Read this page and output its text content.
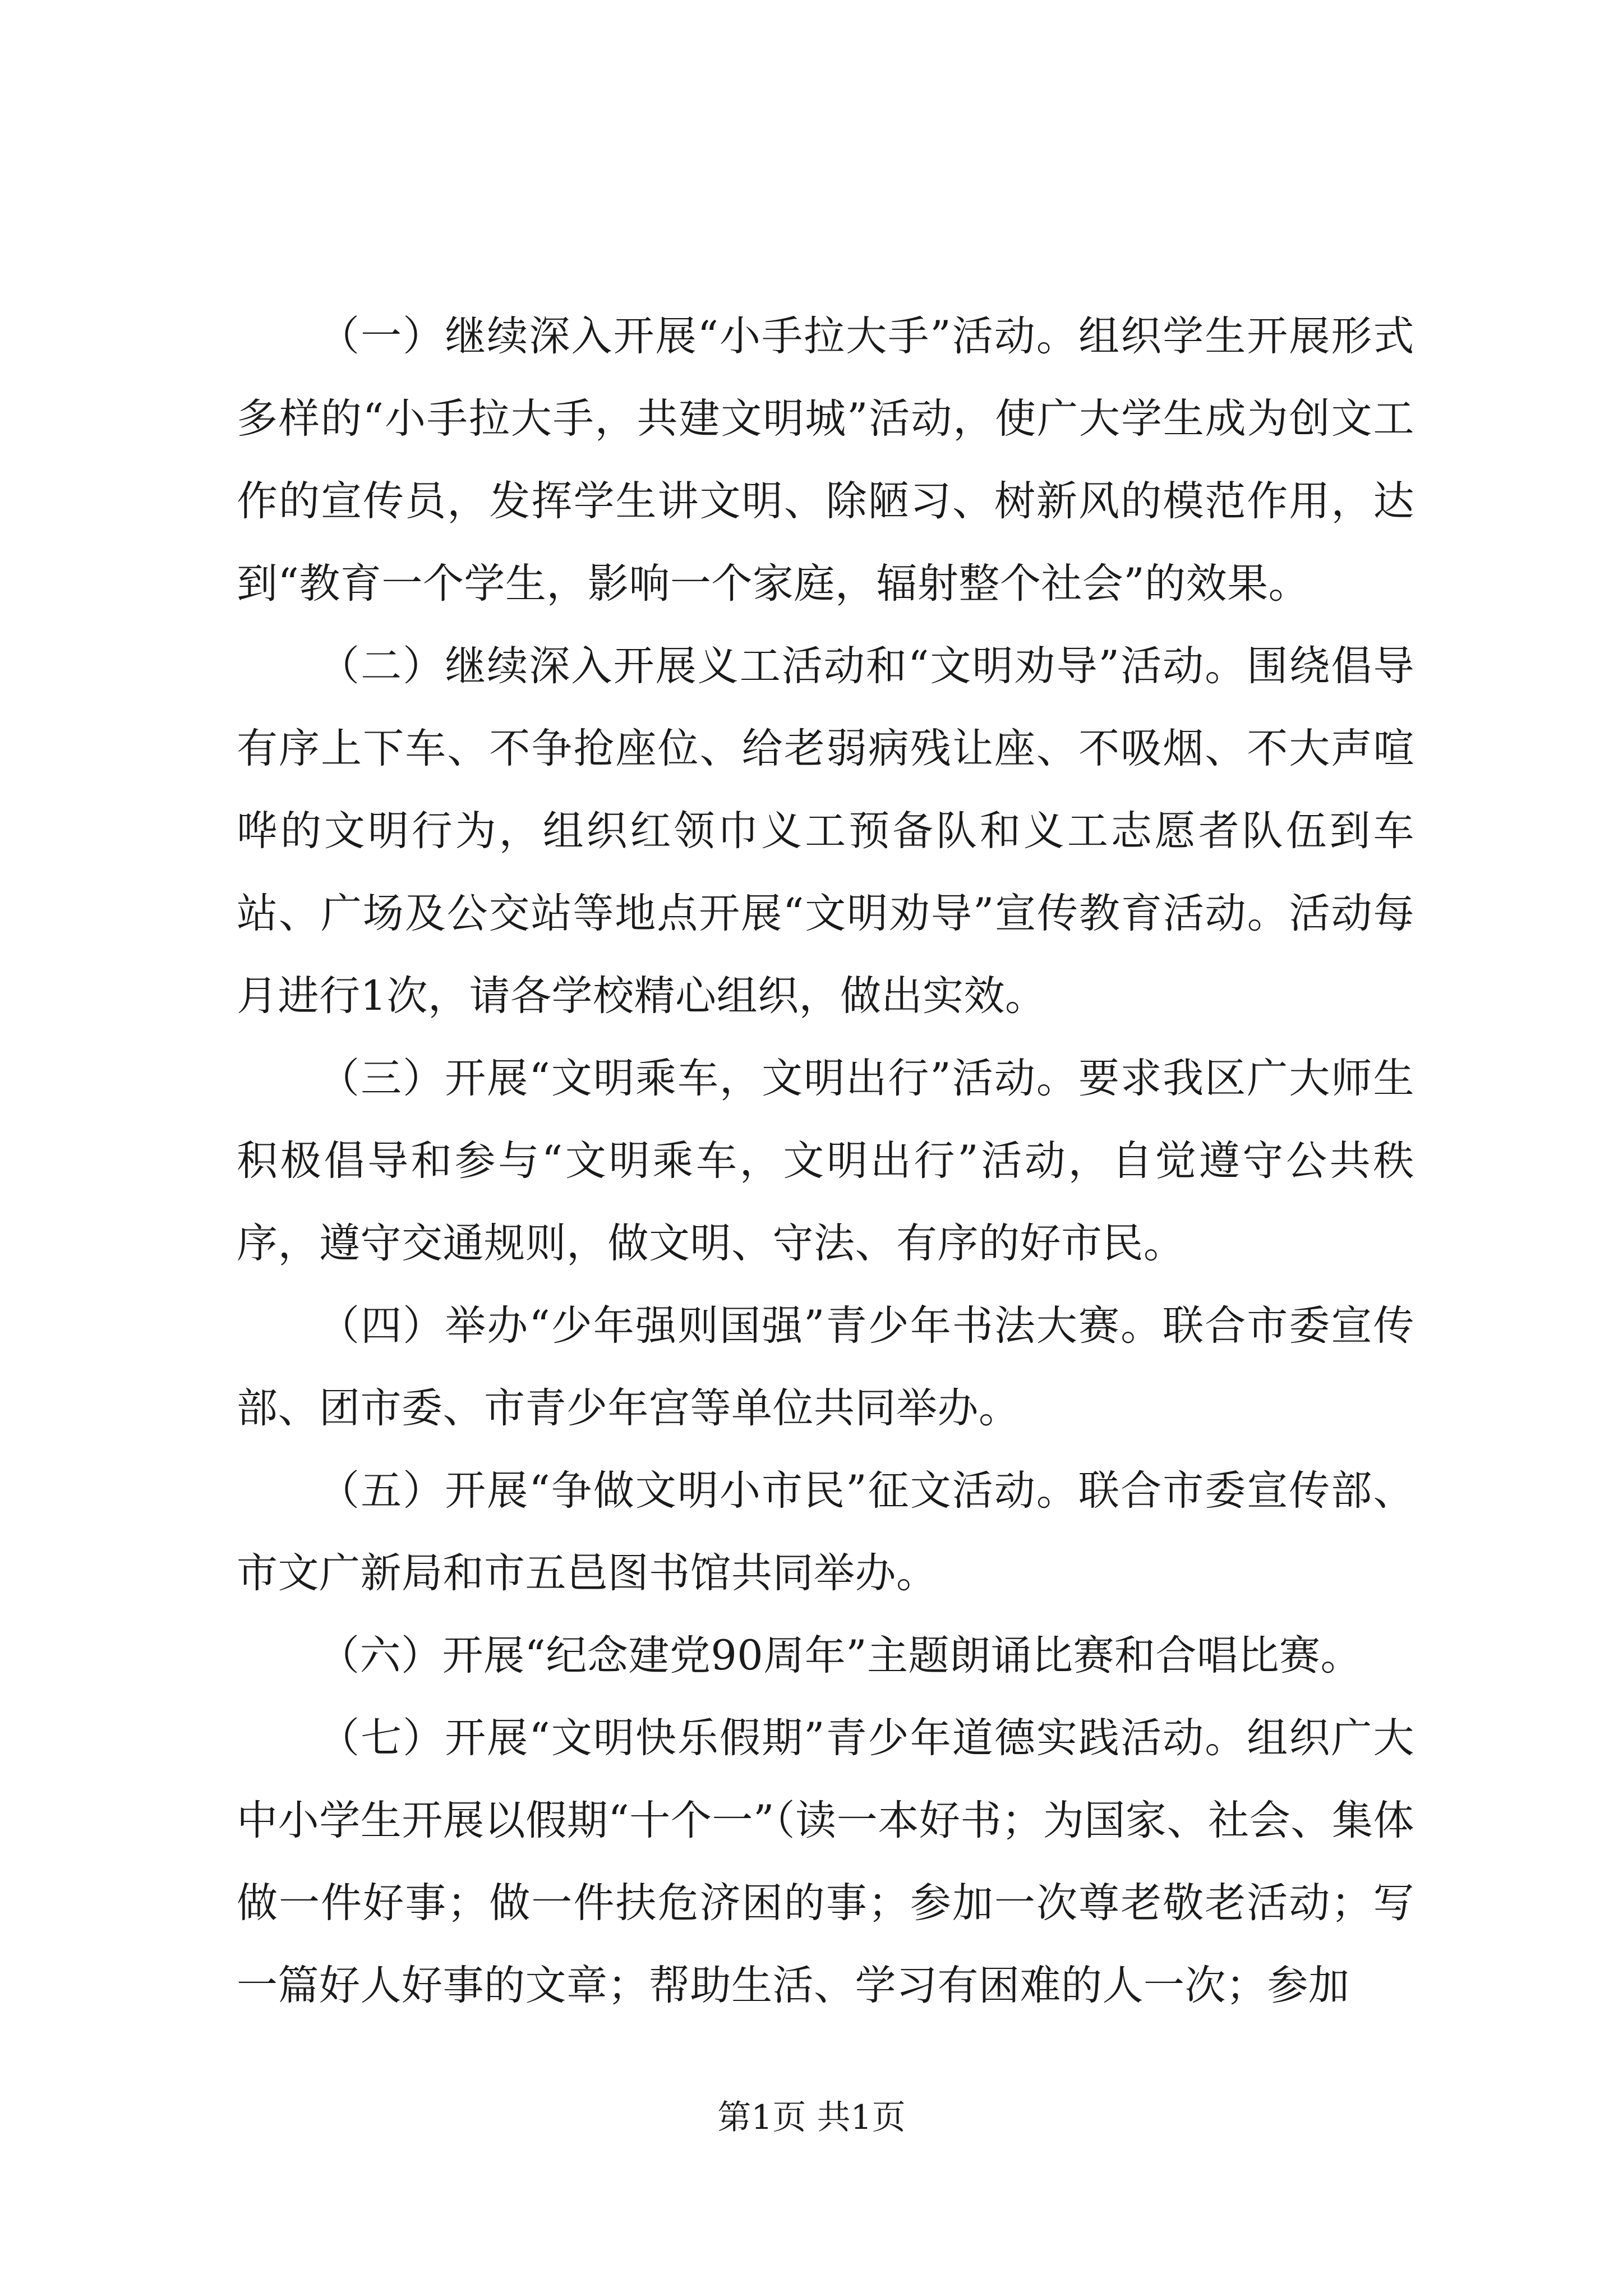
（一）继续深入开展“小手拉大手”活动。组织学生开展形式多样的“小手拉大手，共建文明城”活动，使广大学生成为创文工作的宣传员，发挥学生讲文明、除陋习、树新风的模范作用，达到“教育一个学生，影响一个家庭，辐射整个社会”的效果。

（二）继续深入开展义工活动和“文明劝导”活动。围绕倡导有序上下车、不争抢座位、给老弱病残让座、不吸烟、不大声喧哗的文明行为，组织红领巾义工预备队和义工志愿者队伍到车站、广场及公交站等地点开展“文明劝导”宣传教育活动。活动每月进行1次，请各学校精心组织，做出实效。

（三）开展“文明乘车，文明出行”活动。要求我区广大师生积极倡导和参与“文明乘车，文明出行”活动，自觉遵守公共秩序，遵守交通规则，做文明、守法、有序的好市民。

（四）举办“少年强则国强”青少年书法大赛。联合市委宣传部、团市委、市青少年宫等单位共同举办。

（五）开展“争做文明小市民”征文活动。联合市委宣传部、市文广新局和市五邑图书馆共同举办。

（六）开展“纪念建党90周年”主题朗诵比赛和合唱比赛。

（七）开展“文明快乐假期”青少年道德实践活动。组织广大中小学生开展以假期“十个一”（读一本好书；为国家、社会、集体做一件好事；做一件扶危济困的事；参加一次尊老敬老活动；写一篇好人好事的文章；帮助生活、学习有困难的人一次；参加

第1页 共1页
